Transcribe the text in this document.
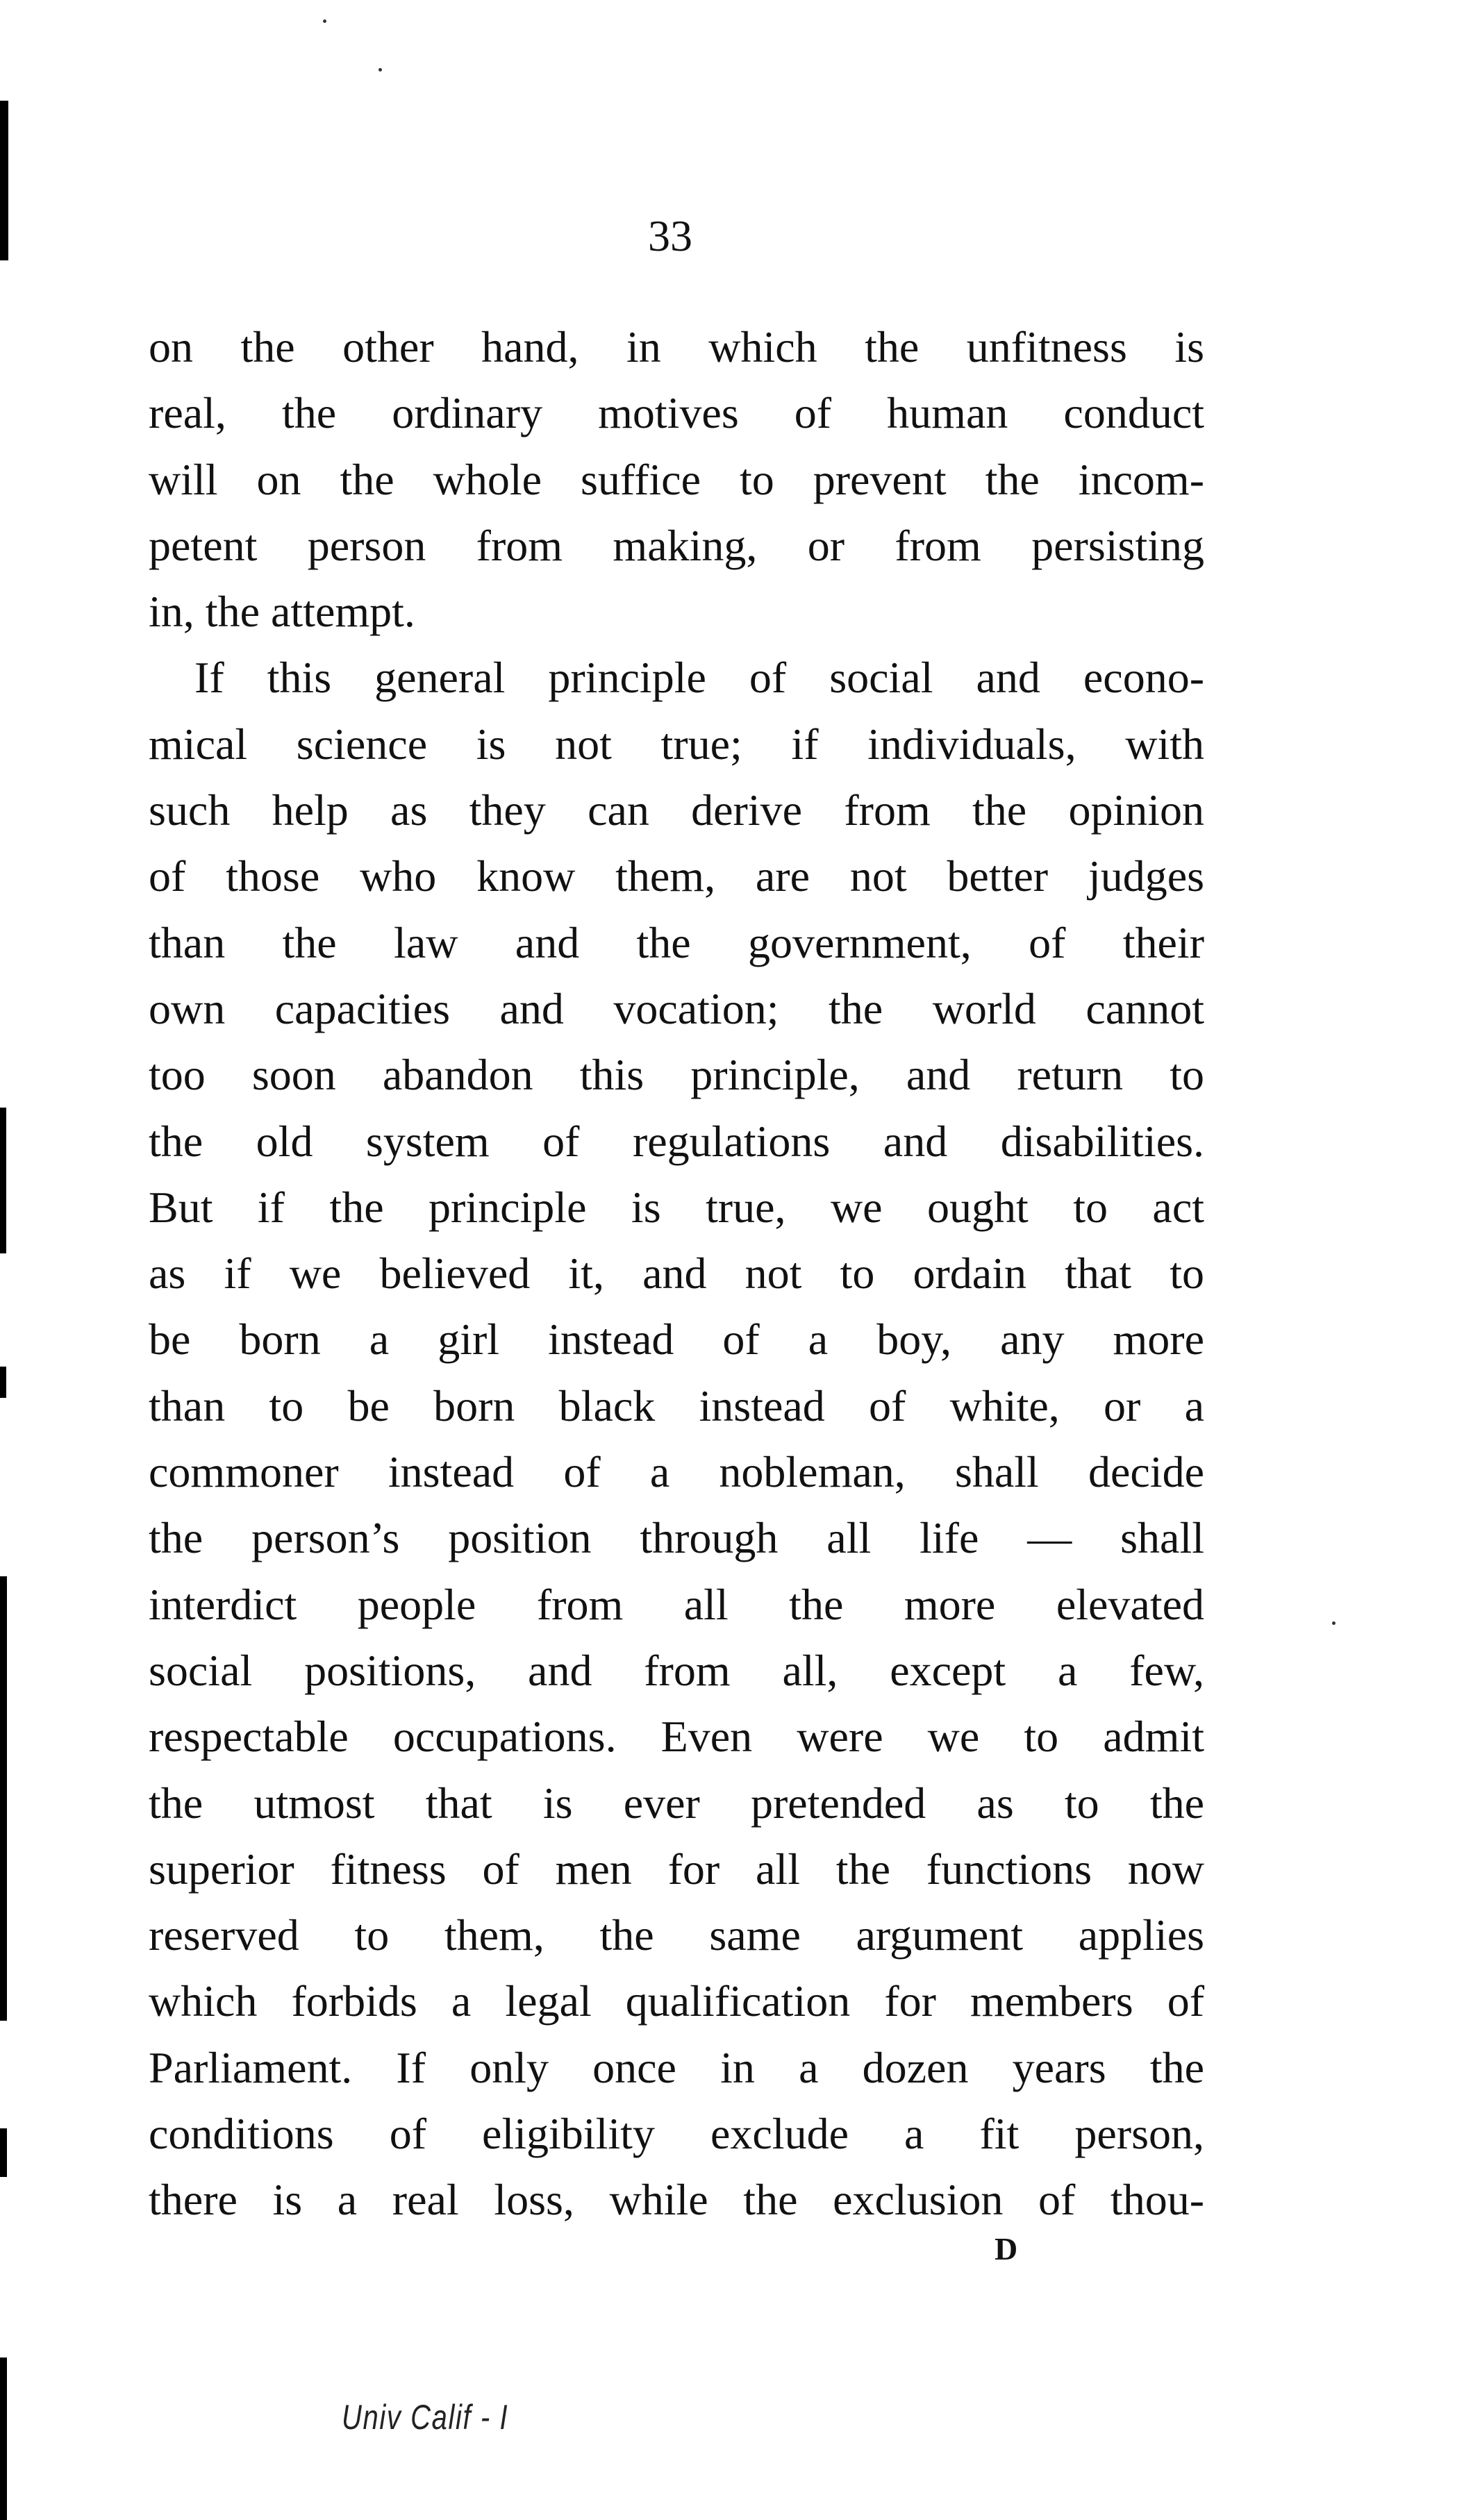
33
on the other hand, in which the unfitness is
real, the ordinary motives of human conduct
will on the whole suffice to prevent the incom-
petent person from making, or from persisting
in, the attempt.
If this general principle of social and econo-
mical science is not true; if individuals, with
such help as they can derive from the opinion
of those who know them, are not better judges
than the law and the government, of their
own capacities and vocation; the world cannot
too soon abandon this principle, and return to
the old system of regulations and disabilities.
But if the principle is true, we ought to act
as if we believed it, and not to ordain that to
be born a girl instead of a boy, any more
than to be born black instead of white, or a
commoner instead of a nobleman, shall decide
the person’s position through all life — shall
interdict people from all the more elevated
social positions, and from all, except a few,
respectable occupations. Even were we to admit
the utmost that is ever pretended as to the
superior fitness of men for all the functions now
reserved to them, the same argument applies
which forbids a legal qualification for members of
Parliament. If only once in a dozen years the
conditions of eligibility exclude a fit person,
there is a real loss, while the exclusion of thou-
D
Univ Calif - I
